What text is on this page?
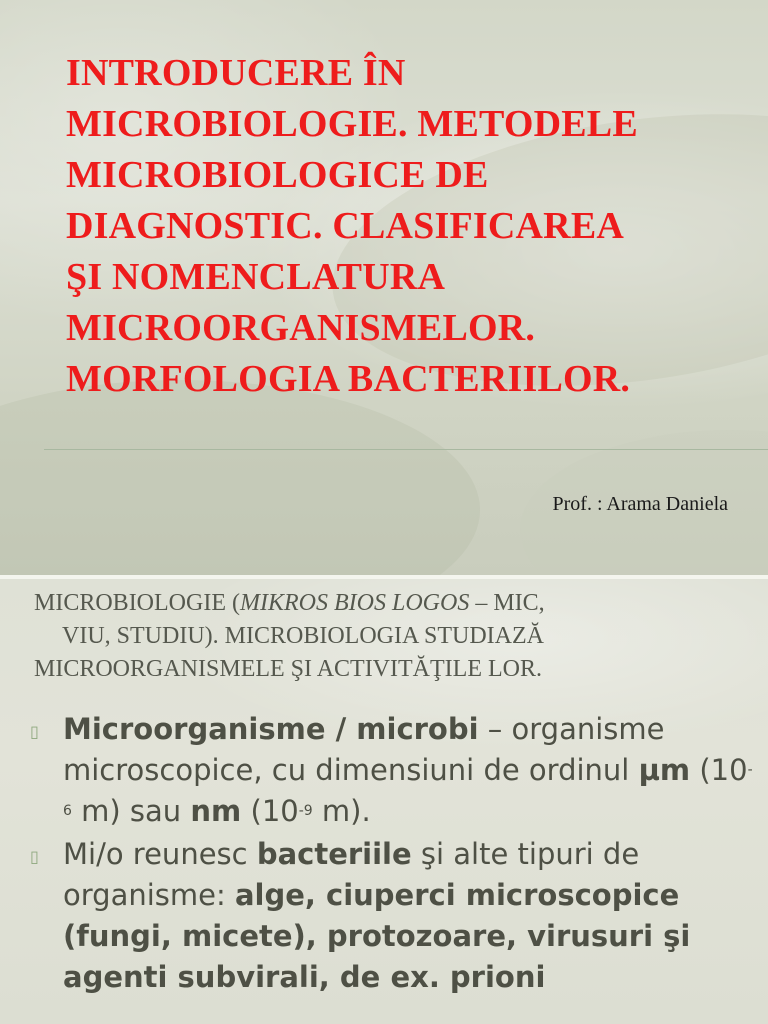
INTRODUCERE ÎN
MICROBIOLOGIE. METODELE
MICROBIOLOGICE DE
DIAGNOSTIC. CLASIFICAREA
ŞI NOMENCLATURA
MICROORGANISMELOR.
MORFOLOGIA BACTERIILOR.
Prof. : Arama Daniela
MICROBIOLOGIE (MIKROS BIOS LOGOS – MIC,
VIU, STUDIU). MICROBIOLOGIA STUDIAZĂ
MICROORGANISMELE ŞI ACTIVITĂŢILE LOR.
▯ Microorganisme / microbi – organisme microscopice, cu dimensiuni de ordinul µm ($10^{-6}$ m) sau nm ($10^{-9}$ m).
▯ Mi/o reunesc bacteriile şi alte tipuri de organisme: alge, ciuperci microscopice (fungi, micete), protozoare, virusuri şi agenti subvirali, de ex. prioni
